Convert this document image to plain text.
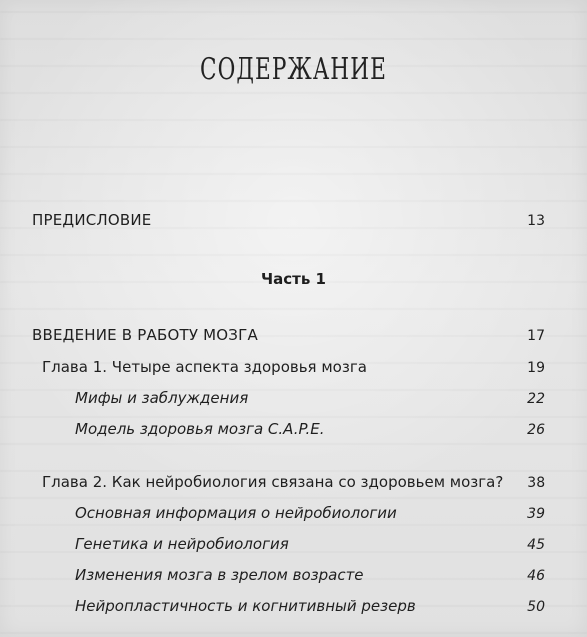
СОДЕРЖАНИЕ
ПРЕДИСЛОВИЕ	13
Часть 1
ВВЕДЕНИЕ В РАБОТУ МОЗГА	17
Глава 1. Четыре аспекта здоровья мозга	19
Мифы и заблуждения	22
Модель здоровья мозга C.A.P.E.	26
Глава 2. Как нейробиология связана со здоровьем мозга? 38
Основная информация о нейробиологии	39
Генетика и нейробиология	45
Изменения мозга в зрелом возрасте	46
Нейропластичность и когнитивный резерв	50
